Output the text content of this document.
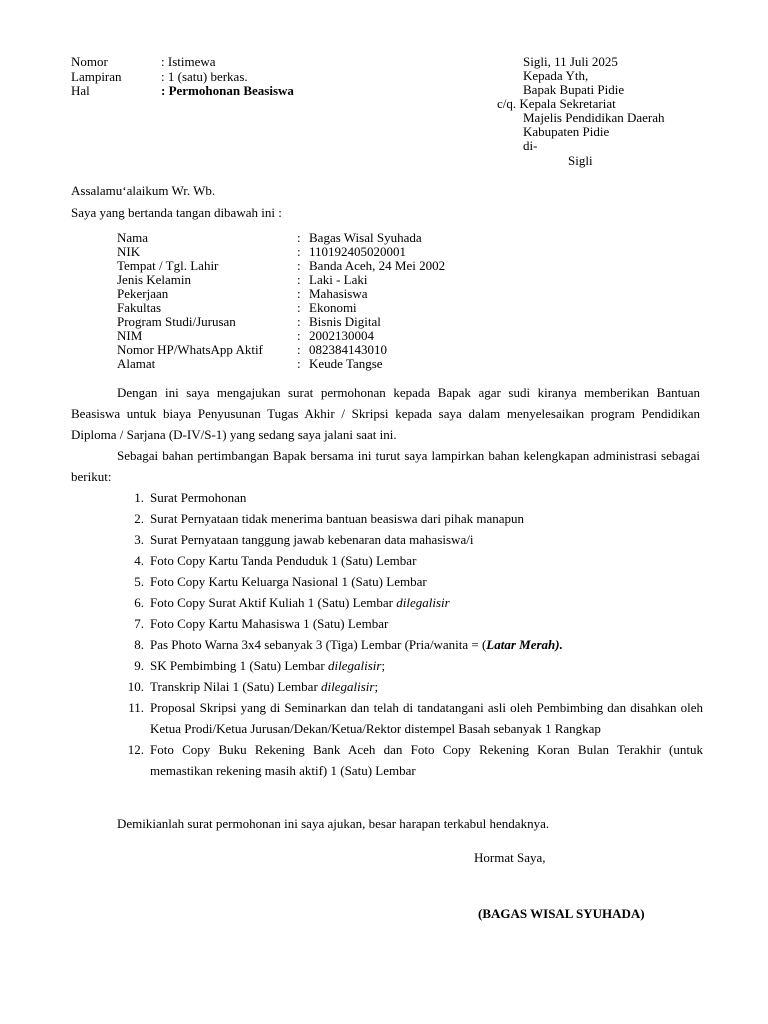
Nomor	: Istimewa
Lampiran	: 1 (satu) berkas.
Hal	: Permohonan Beasiswa
Sigli, 11 Juli 2025
Kepada Yth,
Bapak Bupati Pidie
c/q. Kepala Sekretariat
Majelis Pendidikan Daerah
Kabupaten Pidie
di-
Sigli
Assalamu‘alaikum Wr. Wb.
Saya yang bertanda tangan dibawah ini :
Nama	: Bagas Wisal Syuhada
NIK	: 110192405020001
Tempat / Tgl. Lahir	: Banda Aceh, 24 Mei 2002
Jenis Kelamin	: Laki - Laki
Pekerjaan	: Mahasiswa
Fakultas	: Ekonomi
Program Studi/Jurusan	: Bisnis Digital
NIM	: 2002130004
Nomor HP/WhatsApp Aktif	: 082384143010
Alamat	: Keude Tangse
Dengan ini saya mengajukan surat permohonan kepada Bapak agar sudi kiranya memberikan Bantuan Beasiswa untuk biaya Penyusunan Tugas Akhir / Skripsi kepada saya dalam menyelesaikan program Pendidikan Diploma / Sarjana (D-IV/S-1) yang sedang saya jalani saat ini.
Sebagai bahan pertimbangan Bapak bersama ini turut saya lampirkan bahan kelengkapan administrasi sebagai berikut:
1. Surat Permohonan
2. Surat Pernyataan tidak menerima bantuan beasiswa dari pihak manapun
3. Surat Pernyataan tanggung jawab kebenaran data mahasiswa/i
4. Foto Copy Kartu Tanda Penduduk 1 (Satu) Lembar
5. Foto Copy Kartu Keluarga Nasional 1 (Satu) Lembar
6. Foto Copy Surat Aktif Kuliah 1 (Satu) Lembar dilegalisir
7. Foto Copy Kartu Mahasiswa 1 (Satu) Lembar
8. Pas Photo Warna 3x4 sebanyak 3 (Tiga) Lembar (Pria/wanita = (Latar Merah).
9. SK Pembimbing 1 (Satu) Lembar dilegalisir;
10. Transkrip Nilai 1 (Satu) Lembar dilegalisir;
11. Proposal Skripsi yang di Seminarkan dan telah di tandatangani asli oleh Pembimbing dan disahkan oleh Ketua Prodi/Ketua Jurusan/Dekan/Ketua/Rektor distempel Basah sebanyak 1 Rangkap
12. Foto Copy Buku Rekening Bank Aceh dan Foto Copy Rekening Koran Bulan Terakhir (untuk memastikan rekening masih aktif) 1 (Satu) Lembar
Demikianlah surat permohonan ini saya ajukan, besar harapan terkabul hendaknya.
Hormat Saya,
(BAGAS WISAL SYUHADA)
